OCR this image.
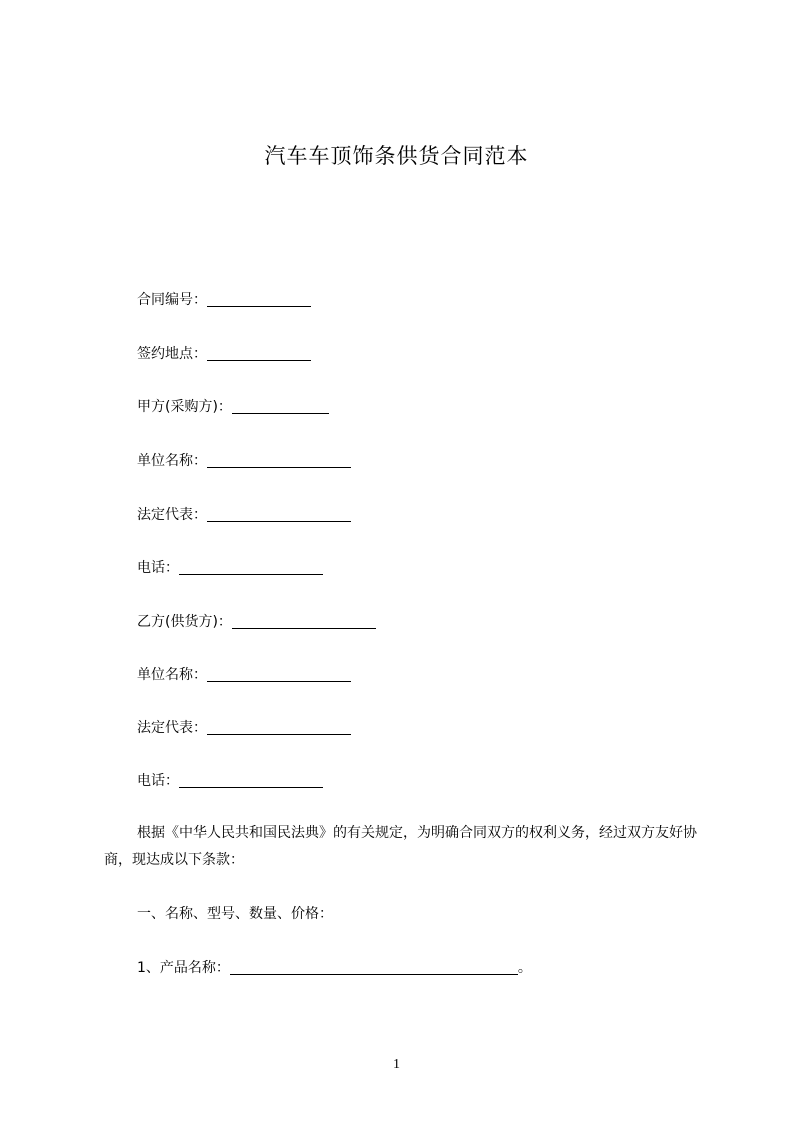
汽车车顶饰条供货合同范本
合同编号：
签约地点：
甲方(采购方)：
单位名称：
法定代表：
电话：
乙方(供货方)：
单位名称：
法定代表：
电话：
根据《中华人民共和国民法典》的有关规定，为明确合同双方的权利义务，经过双方友好协商，现达成以下条款：
一、名称、型号、数量、价格：
1、产品名称：	。
1
